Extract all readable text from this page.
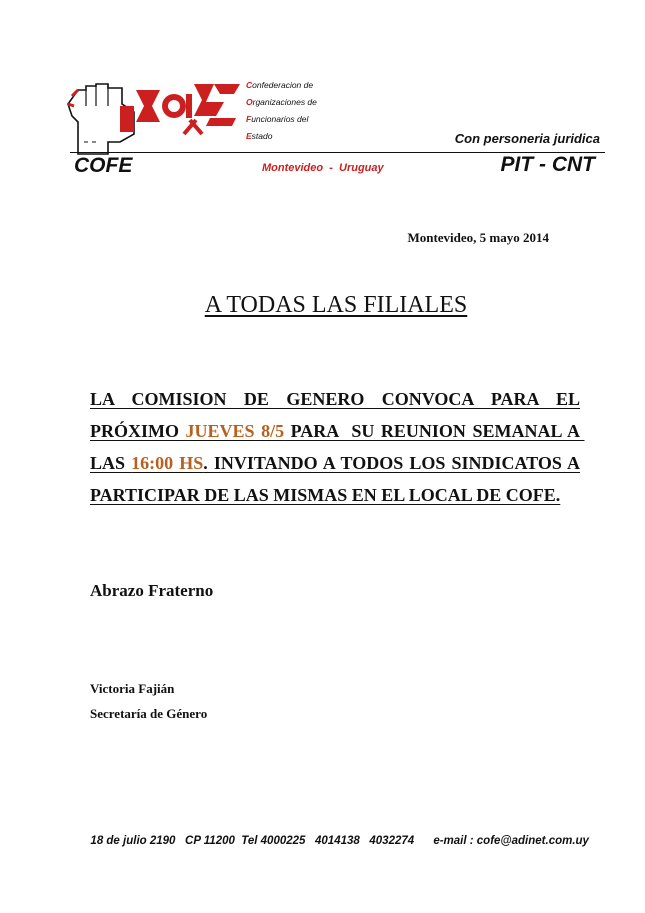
Confederacion de
Organizaciones de
Funcionarios del
Estado	Con personeria juridica
COFE	Montevideo  -  Uruguay	PIT - CNT
Montevideo, 5 mayo 2014
A TODAS LAS FILIALES
LA COMISION DE GENERO CONVOCA PARA EL PRÓXIMO JUEVES 8/5 PARA  SU REUNION SEMANAL A LAS 16:00 HS. INVITANDO A TODOS LOS SINDICATOS A PARTICIPAR DE LAS MISMAS EN EL LOCAL DE COFE.
Abrazo Fraterno
Victoria Fajián
Secretaría de Género

18 de julio 2190   CP 11200  Tel 4000225   4014138   4032274      e-mail : cofe@adinet.com.uy
